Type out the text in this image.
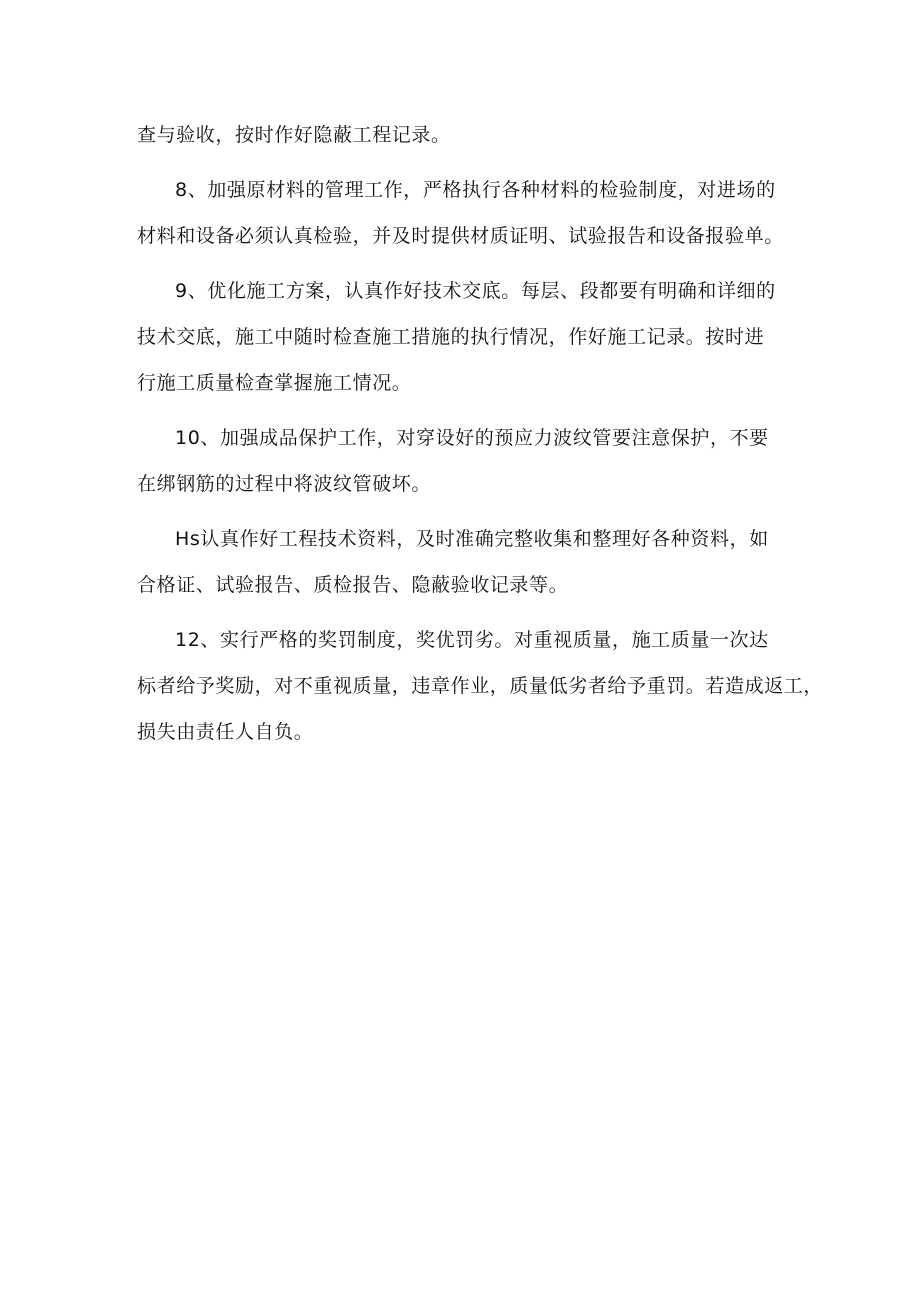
查与验收，按时作好隐蔽工程记录。

8、加强原材料的管理工作，严格执行各种材料的检验制度，对进场的
材料和设备必须认真检验，并及时提供材质证明、试验报告和设备报验单。

9、优化施工方案，认真作好技术交底。每层、段都要有明确和详细的
技术交底，施工中随时检查施工措施的执行情况，作好施工记录。按时进
行施工质量检查掌握施工情况。

10、加强成品保护工作，对穿设好的预应力波纹管要注意保护，不要
在绑钢筋的过程中将波纹管破坏。

Hs认真作好工程技术资料，及时准确完整收集和整理好各种资料，如
合格证、试验报告、质检报告、隐蔽验收记录等。

12、实行严格的奖罚制度，奖优罚劣。对重视质量，施工质量一次达
标者给予奖励，对不重视质量，违章作业，质量低劣者给予重罚。若造成返工，
损失由责任人自负。
